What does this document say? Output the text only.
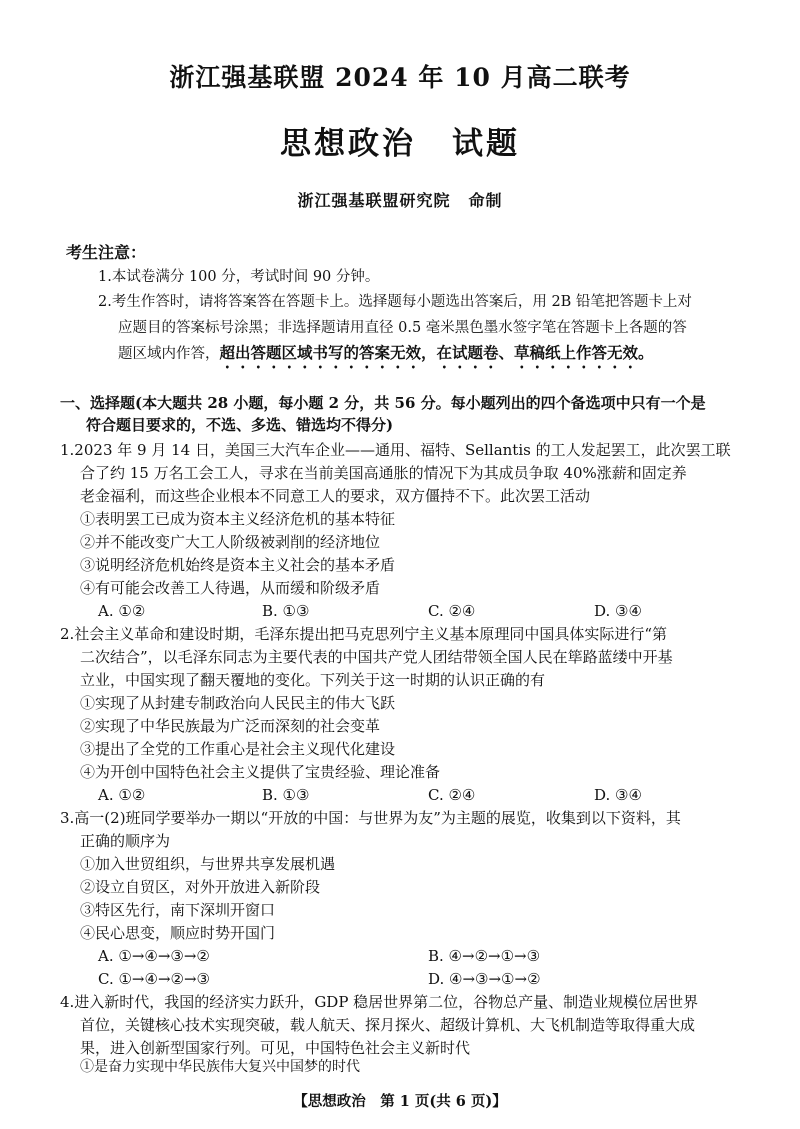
浙江强基联盟 2024 年 10 月高二联考
思想政治 试题
浙江强基联盟研究院 命制
考生注意：
1.本试卷满分 100 分，考试时间 90 分钟。
2.考生作答时，请将答案答在答题卡上。选择题每小题选出答案后，用 2B 铅笔把答题卡上对
应题目的答案标号涂黑；非选择题请用直径 0.5 毫米黑色墨水签字笔在答题卡上各题的答
题区域内作答，超出答题区域书写的答案无效，在试题卷、草稿纸上作答无效。
一、选择题(本大题共 28 小题，每小题 2 分，共 56 分。每小题列出的四个备选项中只有一个是
符合题目要求的，不选、多选、错选均不得分)
1.2023 年 9 月 14 日，美国三大汽车企业——通用、福特、Sellantis 的工人发起罢工，此次罢工联
合了约 15 万名工会工人，寻求在当前美国高通胀的情况下为其成员争取 40%涨薪和固定养
老金福利，而这些企业根本不同意工人的要求，双方僵持不下。此次罢工活动
①表明罢工已成为资本主义经济危机的基本特征
②并不能改变广大工人阶级被剥削的经济地位
③说明经济危机始终是资本主义社会的基本矛盾
④有可能会改善工人待遇，从而缓和阶级矛盾
A. ①②	B. ①③	C. ②④	D. ③④
2.社会主义革命和建设时期，毛泽东提出把马克思列宁主义基本原理同中国具体实际进行“第
二次结合”，以毛泽东同志为主要代表的中国共产党人团结带领全国人民在筚路蓝缕中开基
立业，中国实现了翻天覆地的变化。下列关于这一时期的认识正确的有
①实现了从封建专制政治向人民民主的伟大飞跃
②实现了中华民族最为广泛而深刻的社会变革
③提出了全党的工作重心是社会主义现代化建设
④为开创中国特色社会主义提供了宝贵经验、理论准备
A. ①②	B. ①③	C. ②④	D. ③④
3.高一(2)班同学要举办一期以“开放的中国：与世界为友”为主题的展览，收集到以下资料，其
正确的顺序为
①加入世贸组织，与世界共享发展机遇
②设立自贸区，对外开放进入新阶段
③特区先行，南下深圳开窗口
④民心思变，顺应时势开国门
A. ①→④→③→②	B. ④→②→①→③
C. ①→④→②→③	D. ④→③→①→②
4.进入新时代，我国的经济实力跃升，GDP 稳居世界第二位，谷物总产量、制造业规模位居世界
首位，关键核心技术实现突破，载人航天、探月探火、超级计算机、大飞机制造等取得重大成
果，进入创新型国家行列。可见，中国特色社会主义新时代
①是奋力实现中华民族伟大复兴中国梦的时代
【思想政治　第 1 页(共 6 页)】
